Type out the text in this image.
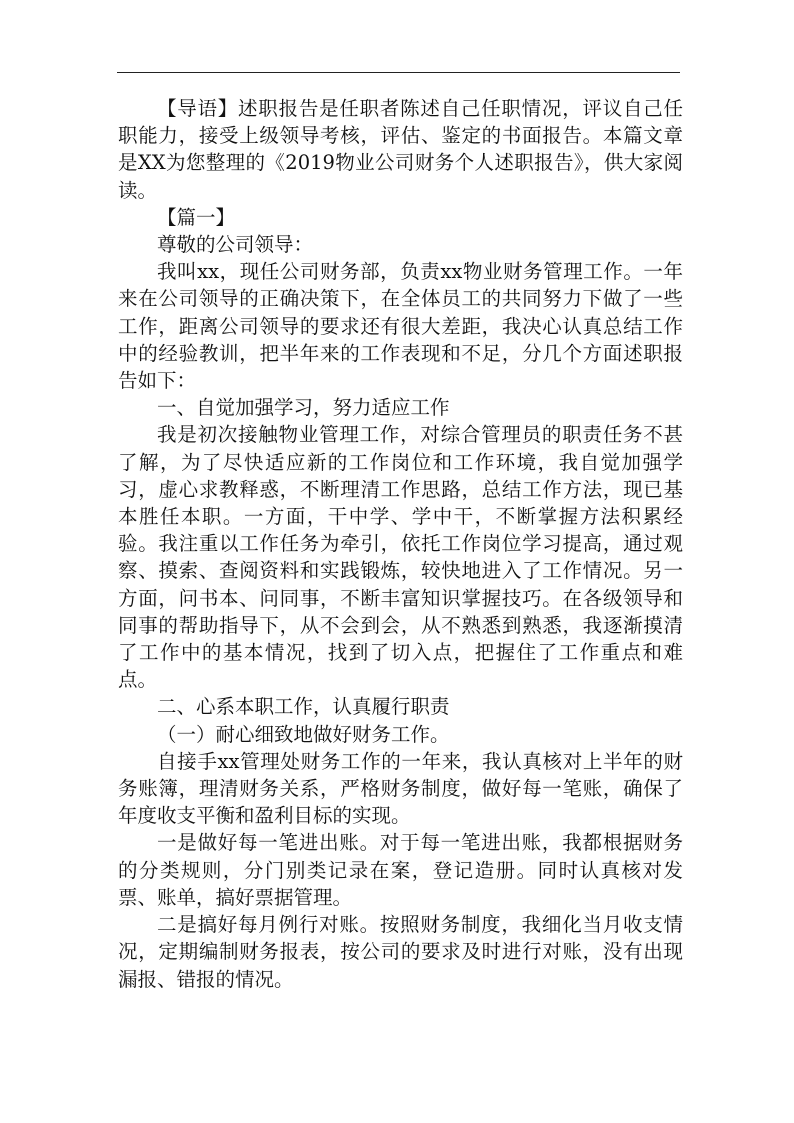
【导语】述职报告是任职者陈述自己任职情况，评议自己任职能力，接受上级领导考核，评估、鉴定的书面报告。本篇文章是XX为您整理的《2019物业公司财务个人述职报告》，供大家阅读。

【篇一】

尊敬的公司领导：

我叫xx，现任公司财务部，负责xx物业财务管理工作。一年来在公司领导的正确决策下，在全体员工的共同努力下做了一些工作，距离公司领导的要求还有很大差距，我决心认真总结工作中的经验教训，把半年来的工作表现和不足，分几个方面述职报告如下：

一、自觉加强学习，努力适应工作

我是初次接触物业管理工作，对综合管理员的职责任务不甚了解，为了尽快适应新的工作岗位和工作环境，我自觉加强学习，虚心求教释惑，不断理清工作思路，总结工作方法，现已基本胜任本职。一方面，干中学、学中干，不断掌握方法积累经验。我注重以工作任务为牵引，依托工作岗位学习提高，通过观察、摸索、查阅资料和实践锻炼，较快地进入了工作情况。另一方面，问书本、问同事，不断丰富知识掌握技巧。在各级领导和同事的帮助指导下，从不会到会，从不熟悉到熟悉，我逐渐摸清了工作中的基本情况，找到了切入点，把握住了工作重点和难点。

二、心系本职工作，认真履行职责

（一）耐心细致地做好财务工作。

自接手xx管理处财务工作的一年来，我认真核对上半年的财务账簿，理清财务关系，严格财务制度，做好每一笔账，确保了年度收支平衡和盈利目标的实现。

一是做好每一笔进出账。对于每一笔进出账，我都根据财务的分类规则，分门别类记录在案，登记造册。同时认真核对发票、账单，搞好票据管理。

二是搞好每月例行对账。按照财务制度，我细化当月收支情况，定期编制财务报表，按公司的要求及时进行对账，没有出现漏报、错报的情况。
